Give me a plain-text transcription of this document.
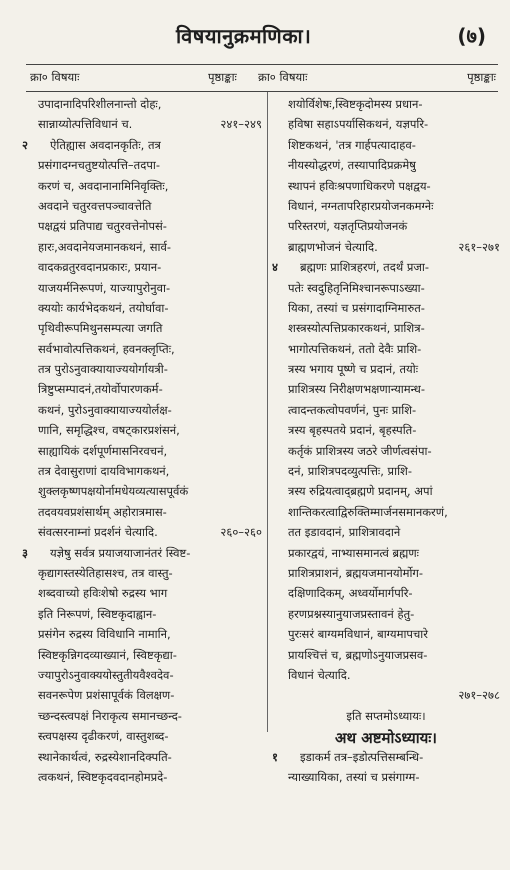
विषयानुक्रमणिका।	(७)
क्रा० विषयाः	पृष्ठाङ्काः क्रा० विषयाः	पृष्ठाङ्काः
उपादानादिपरिशीलनान्तो दोहः,
सान्नाय्योत्पत्तिविधानं च.	२४१–२४९
२ ऐतिह्यास अवदानकृतिः, तत्र
प्रसंगादग्नचतुष्टयोत्पत्ति–तदपा-
करणं च, अवदानानामिनिवृक्तिः,
अवदाने चतुरवत्तपञ्चावत्तेति
पक्षद्वयं प्रतिपाद्य चतुरवत्तेनोपसं-
हारः,अवदानेयजमानकथनं, सार्व-
वादकव्रतुरवदानप्रकारः, प्रयान-
याजयर्मनिरूपणं, याज्यापुरोनुवा-
क्ययोः कार्यभेदकथनं, तयोर्घावा-
पृथिवीरूपमिथुनसम्पत्या जगति
सर्वभावोत्पत्तिकथनं, हवनक्लृप्तिः,
तत्र पुरोऽनुवाक्यायाज्ययोर्गायत्री-
त्रिष्टुप्सम्पादनं,तयोर्वोपारणकर्म-
कथनं, पुरोऽनुवाक्यायाज्ययोर्लक्ष-
णानि, समृद्धिश्च, वषट्कारप्रशंसनं,
साह्यायिकं दर्शपूर्णमासनिरवचनं,
तत्र देवासुराणां दायविभागकथनं,
शुक्लकृष्णपक्षयोर्नामधेयव्यत्यासपूर्वकं
तदवयवप्रशंसार्थम् अहोरात्रमास-
संवत्सरनाम्नां प्रदर्शनं चेत्यादि.	२६०–२६०
३ यज्ञेषु सर्वत्र प्रयाजयाजानंतरं स्विष्ट-
कृद्यागस्तस्येतिहासश्च, तत्र वास्तु-
शब्दवाच्यो हविःशेषो रुद्रस्य भाग
इति निरूपणं, स्विष्टकृदाह्वान-
प्रसंगेन रुद्रस्य विविधानि नामानि,
स्विष्टकृन्निगदव्याख्यानं, स्विष्टकृद्या-
ज्यापुरोऽनुवाक्ययोस्तुतीयवैश्वदेव-
सवनरूपेण प्रशंसापूर्वकं विलक्षण-
च्छन्दस्त्वपक्षं निराकृत्य समानच्छन्द-
स्त्वपक्षस्य दृढीकरणं, वास्तुशब्द-
स्थानेकार्थत्वं, रुद्रस्येशानदिक्पति-
त्वकथनं, स्विष्टकृदवदानहोमप्रदे-
शयोर्विशेषः,स्विष्टकृदोमस्य प्रधान-
हविषा सहाऽपर्यासिकथनं, यज्ञपरि-
शिष्टकथनं, 'तत्र गार्हपत्यादाहव-
नीयस्योद्धरणं, तस्यापादिप्रक्रमेषु
स्थापनं हविःश्रपणाधिकरणे पक्षद्वय-
विधानं, नग्नतापरिहारप्रयोजनकमग्नेः
परिस्तरणं, यज्ञतृप्तिप्रयोजनकं
ब्राह्मणभोजनं चेत्यादि.	२६१–२७१
४ ब्रह्मणः प्राशित्रहरणं, तदर्थं प्रजा-
पतेः स्वदुहितृनिमिश्चानरूपाऽख्या-
यिका, तस्यां च प्रसंगादाग्निमारुत-
शस्त्रस्योत्पत्तिप्रकारकथनं, प्राशित्र-
भागोत्पत्तिकथनं, ततो देवैः प्राशि-
त्रस्य भगाय पूष्णे च प्रदानं, तयोः
प्राशित्रस्य निरीक्षणभक्षणान्यामन्ध-
त्वादन्तकत्वोपवर्णनं, पुनः प्राशि-
त्रस्य बृहस्पतये प्रदानं, बृहस्पति-
कर्तृकं प्राशित्रस्य जठरे जीर्णत्वसंपा-
दनं, प्राशित्रपदव्युत्पत्तिः, प्राशि-
त्रस्य रुद्रियत्वाद्ब्रह्मणे प्रदानम्, अपां
शान्तिकरत्वाद्विरुक्तिम्मार्जनसमानकरणं,
तत इडावदानं, प्राशित्रावदाने
प्रकारद्वयं, नाभ्यासमानत्वं ब्रह्मणः
प्राशित्रप्राशनं, ब्रह्मयजमानयोर्मोग-
दक्षिणादिकम्, अध्वर्योमार्गपरि-
हरणप्रश्नस्यानुयाजप्रस्तावनं हेतु-
पुरःसरं बाग्यमविधानं, बाग्यमापचारे
प्रायश्चित्तं च, ब्रह्मणोऽनुयाजप्रसव-
विधानं चेत्यादि.
२७१–२७८
इति सप्तमोऽध्यायः।
अथ अष्टमोऽध्यायः।
१ इडाकर्म तत्र–इडोत्पत्तिसम्बन्धि-
न्याख्यायिका, तस्यां च प्रसंगाग्म-
